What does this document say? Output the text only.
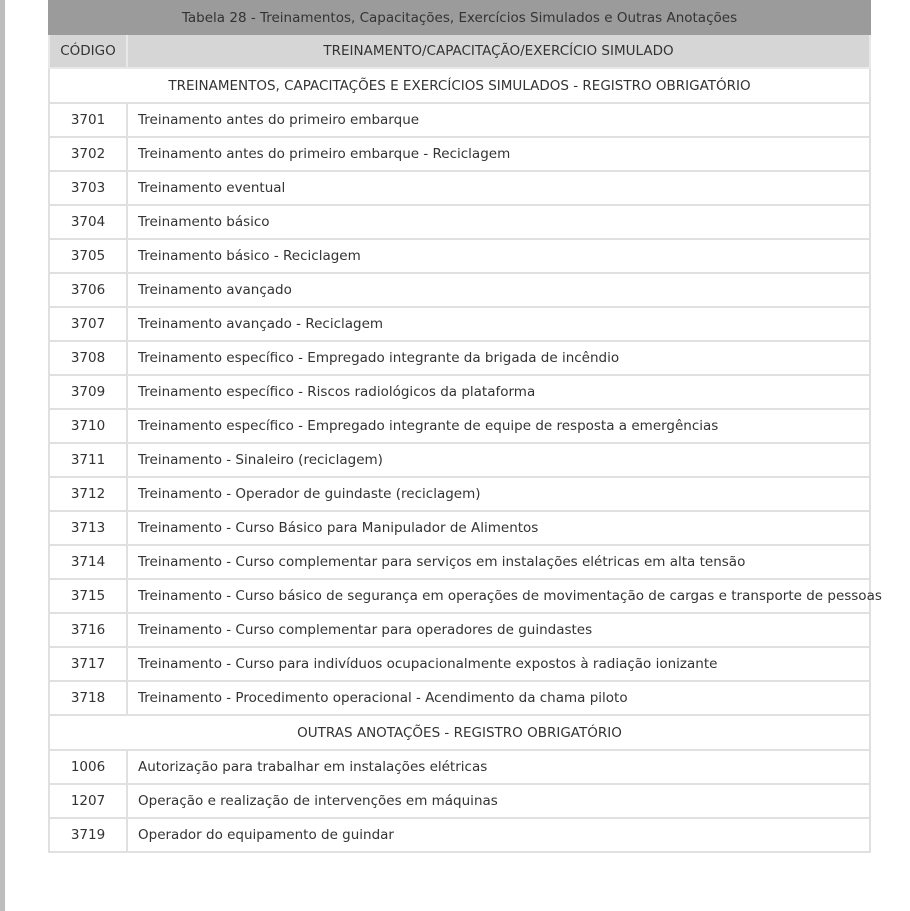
Tabela 28 - Treinamentos, Capacitações, Exercícios Simulados e Outras Anotações	
CÓDIGO	TREINAMENTO/CAPACITAÇÃO/EXERCÍCIO SIMULADO
TREINAMENTOS, CAPACITAÇÕES E EXERCÍCIOS SIMULADOS - REGISTRO OBRIGATÓRIO	
3701	Treinamento antes do primeiro embarque
3702	Treinamento antes do primeiro embarque - Reciclagem
3703	Treinamento eventual
3704	Treinamento básico
3705	Treinamento básico - Reciclagem
3706	Treinamento avançado
3707	Treinamento avançado - Reciclagem
3708	Treinamento específico - Empregado integrante da brigada de incêndio
3709	Treinamento específico - Riscos radiológicos da plataforma
3710	Treinamento específico - Empregado integrante de equipe de resposta a emergências
3711	Treinamento - Sinaleiro (reciclagem)
3712	Treinamento - Operador de guindaste (reciclagem)
3713	Treinamento - Curso Básico para Manipulador de Alimentos
3714	Treinamento - Curso complementar para serviços em instalações elétricas em alta tensão
3715	Treinamento - Curso básico de segurança em operações de movimentação de cargas e transporte de pessoas
3716	Treinamento - Curso complementar para operadores de guindastes
3717	Treinamento - Curso para indivíduos ocupacionalmente expostos à radiação ionizante
3718	Treinamento - Procedimento operacional - Acendimento da chama piloto
OUTRAS ANOTAÇÕES - REGISTRO OBRIGATÓRIO	
1006	Autorização para trabalhar em instalações elétricas
1207	Operação e realização de intervenções em máquinas
3719	Operador do equipamento de guindar
